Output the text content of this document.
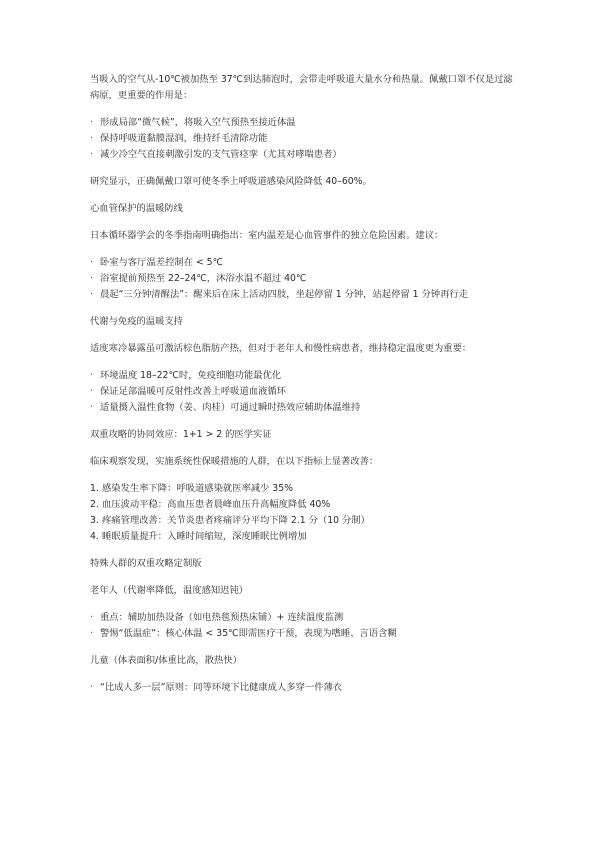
当吸入的空气从-10℃被加热至 37℃到达肺泡时，会带走呼吸道大量水分和热量。佩戴口罩不仅是过滤病原，更重要的作用是：

· 形成局部“微气候”，将吸入空气预热至接近体温
· 保持呼吸道黏膜湿润，维持纤毛清除功能
· 减少冷空气直接刺激引发的支气管痉挛（尤其对哮喘患者）

研究显示，正确佩戴口罩可使冬季上呼吸道感染风险降低 40–60%。

心血管保护的温暖防线

日本循环器学会的冬季指南明确指出：室内温差是心血管事件的独立危险因素。建议：

· 卧室与客厅温差控制在 < 5℃
· 浴室提前预热至 22–24℃，沐浴水温不超过 40℃
· 晨起“三分钟清醒法”：醒来后在床上活动四肢，坐起停留 1 分钟，站起停留 1 分钟再行走

代谢与免疫的温暖支持

适度寒冷暴露虽可激活棕色脂肪产热，但对于老年人和慢性病患者，维持稳定温度更为重要：

· 环境温度 18–22℃时，免疫细胞功能最优化
· 保证足部温暖可反射性改善上呼吸道血液循环
· 适量摄入温性食物（姜、肉桂）可通过瞬时热效应辅助体温维持

双重攻略的协同效应：1+1 > 2 的医学实证

临床观察发现，实施系统性保暖措施的人群，在以下指标上显著改善：

1. 感染发生率下降：呼吸道感染就医率减少 35%
2. 血压波动平稳：高血压患者晨峰血压升高幅度降低 40%
3. 疼痛管理改善：关节炎患者疼痛评分平均下降 2.1 分（10 分制）
4. 睡眠质量提升：入睡时间缩短，深度睡眠比例增加

特殊人群的双重攻略定制版

老年人（代谢率降低，温度感知迟钝）

· 重点：辅助加热设备（如电热毯预热床铺）+ 连续温度监测
· 警惕“低温症”：核心体温 < 35℃即需医疗干预，表现为嗜睡、言语含糊

儿童（体表面积/体重比高，散热快）

· “比成人多一层”原则：同等环境下比健康成人多穿一件薄衣
